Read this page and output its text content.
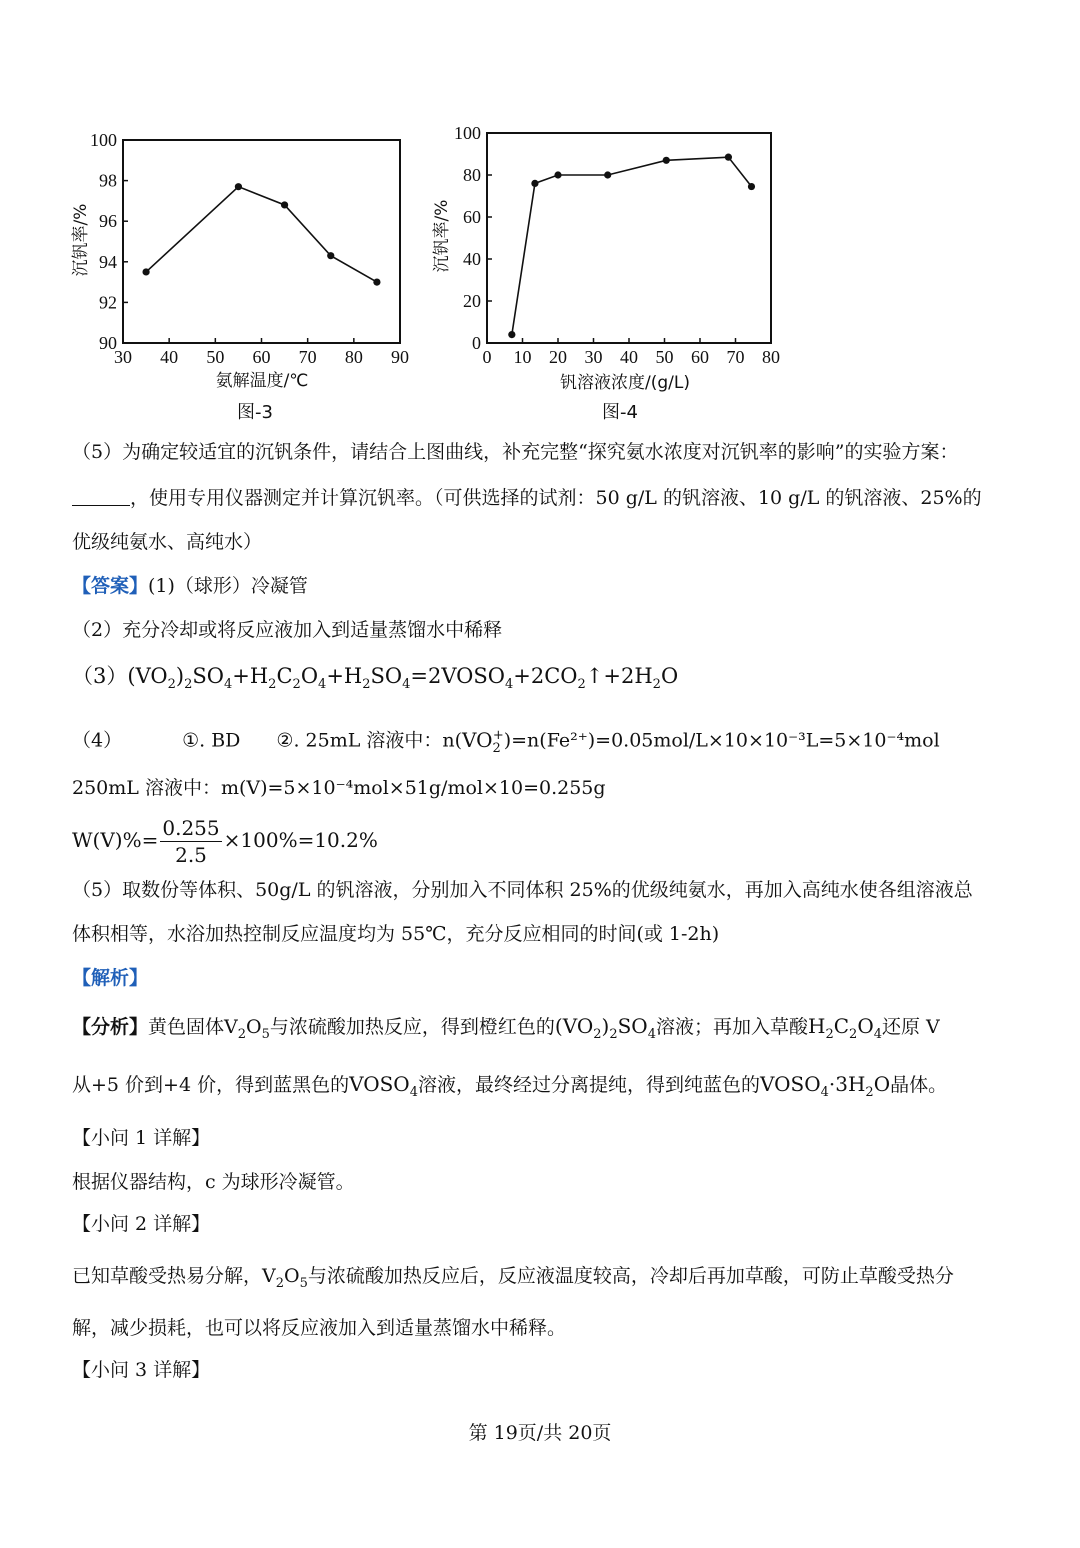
30 40 50 60 70 80 90
90
92
94
96
98
100
沉钒率/%
氨解温度/℃
图-3
0 10 20 30 40 50 60 70 80
0
20
40
60
80
100
沉钒率/%
钒溶液浓度/(g/L)
图-4
（5）为确定较适宜的沉钒条件，请结合上图曲线，补充完整“探究氨水浓度对沉钒率的影响”的实验方案：
，使用专用仪器测定并计算沉钒率。（可供选择的试剂：50 g/L 的钒溶液、10 g/L 的钒溶液、25%的
优级纯氨水、高纯水）
【答案】(1)（球形）冷凝管
（2）充分冷却或将反应液加入到适量蒸馏水中稀释
$(3)(VO_2)_2SO_4+H_2C_2O_4+H_2SO_4=2VOSO_4+2CO_2↑+2H_2O$
（4）	①. BD ②. 25mL 溶液中：$n(VO_2^+)=n(Fe^{2+})=0.05mol/L\times 10\times 10^{-3}L=5\times 10^{-4}mol$
250mL 溶液中：m(V)=5×10⁻⁴mol×51g/mol×10=0.255g
$W(V)\%= \frac{0.255}{2.5} \times 100\%=10.2\%$
（5）取数份等体积、50g/L 的钒溶液，分别加入不同体积 25%的优级纯氨水，再加入高纯水使各组溶液总
体积相等，水浴加热控制反应温度均为 55℃，充分反应相同的时间(或 1-2h)
【解析】
【分析】黄色固体$V_2O_5$与浓硫酸加热反应，得到橙红色的$(VO_2)_2SO_4$溶液；再加入草酸$H_2C_2O_4$还原 V
从+5 价到+4 价，得到蓝黑色的$VOSO_4$溶液，最终经过分离提纯，得到纯蓝色的$VOSO_4\cdot 3H_2O$晶体。
【小问 1 详解】
根据仪器结构，c 为球形冷凝管。
【小问 2 详解】
已知草酸受热易分解，$V_2O_5$与浓硫酸加热反应后，反应液温度较高，冷却后再加草酸，可防止草酸受热分
解，减少损耗，也可以将反应液加入到适量蒸馏水中稀释。
【小问 3 详解】
第 19页/共 20页
